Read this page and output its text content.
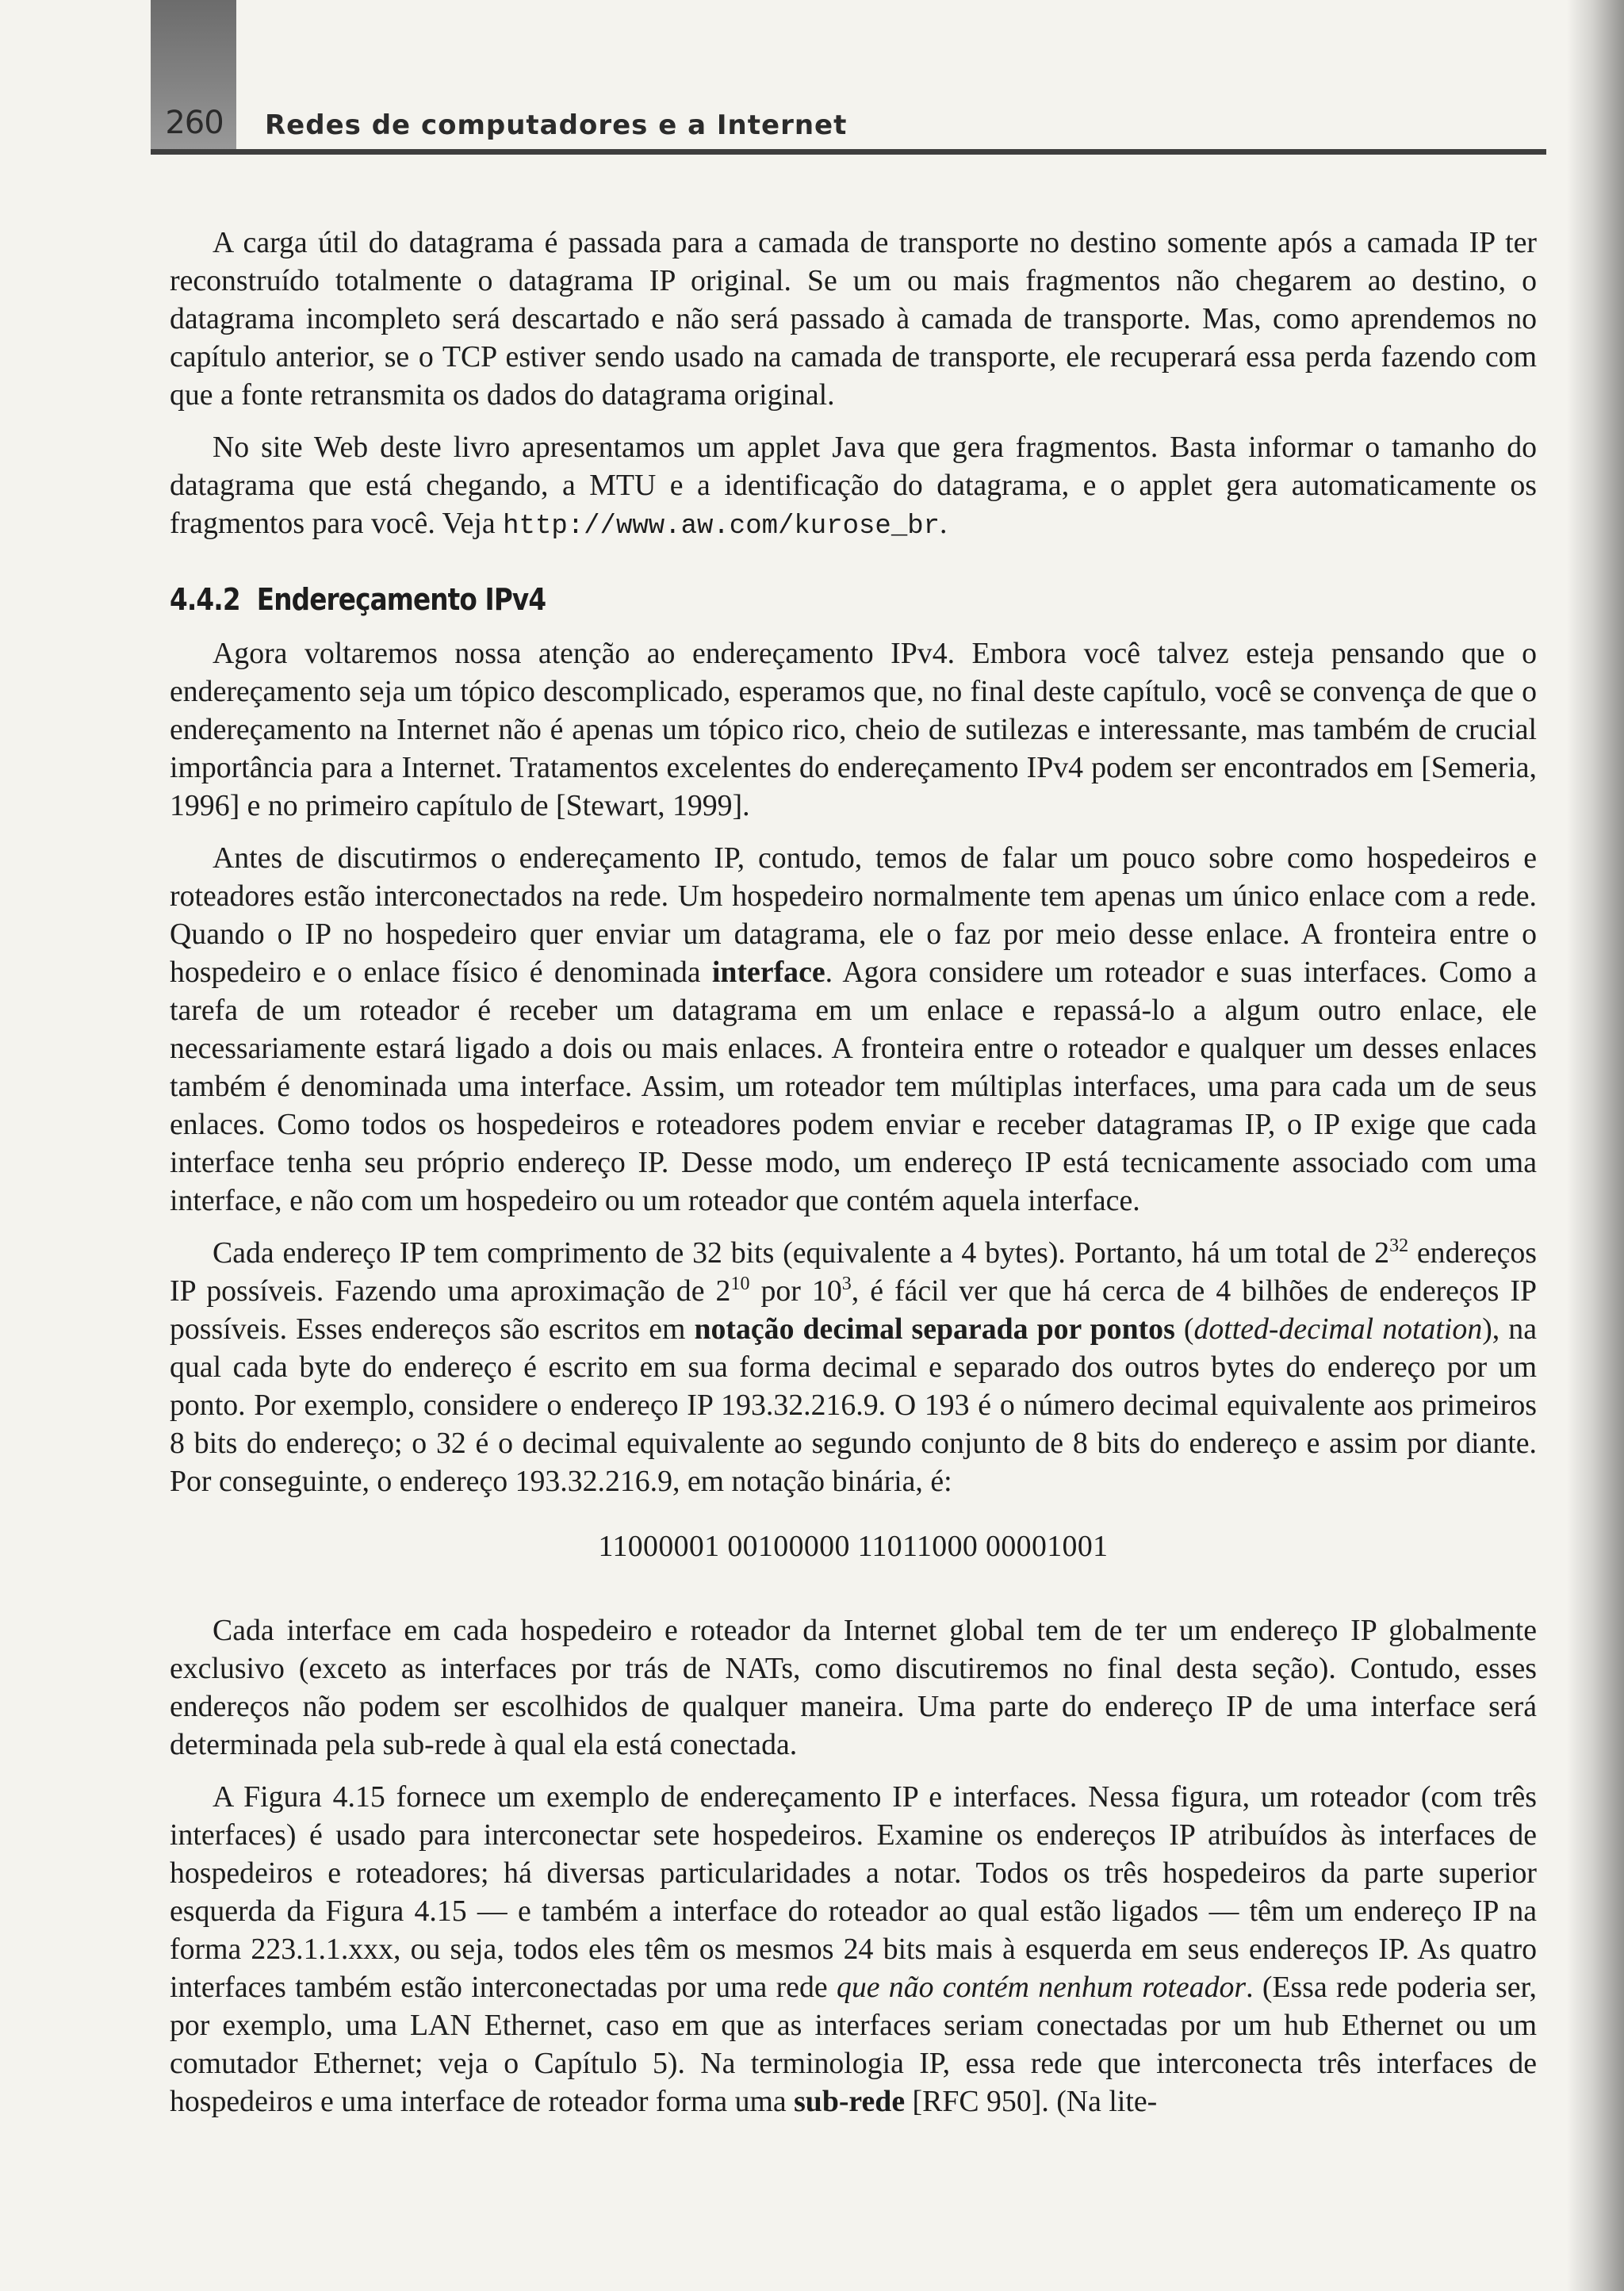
260 Redes de computadores e a Internet

A carga útil do datagrama é passada para a camada de transporte no destino somente após a camada IP ter reconstruído totalmente o datagrama IP original. Se um ou mais fragmentos não chegarem ao destino, o datagrama incompleto será descartado e não será passado à camada de transporte. Mas, como aprendemos no capítulo anterior, se o TCP estiver sendo usado na camada de transporte, ele recuperará essa perda fazendo com que a fonte retransmita os dados do datagrama original.

No site Web deste livro apresentamos um applet Java que gera fragmentos. Basta informar o tamanho do datagrama que está chegando, a MTU e a identificação do datagrama, e o applet gera automaticamente os fragmentos para você. Veja http://www.aw.com/kurose_br.

4.4.2 Endereçamento IPv4

Agora voltaremos nossa atenção ao endereçamento IPv4. Embora você talvez esteja pensando que o endereçamento seja um tópico descomplicado, esperamos que, no final deste capítulo, você se convença de que o endereçamento na Internet não é apenas um tópico rico, cheio de sutilezas e interessante, mas também de crucial importância para a Internet. Tratamentos excelentes do endereçamento IPv4 podem ser encontrados em [Semeria, 1996] e no primeiro capítulo de [Stewart, 1999].

Antes de discutirmos o endereçamento IP, contudo, temos de falar um pouco sobre como hospedeiros e roteadores estão interconectados na rede. Um hospedeiro normalmente tem apenas um único enlace com a rede. Quando o IP no hospedeiro quer enviar um datagrama, ele o faz por meio desse enlace. A fronteira entre o hospedeiro e o enlace físico é denominada interface. Agora considere um roteador e suas interfaces. Como a tarefa de um roteador é receber um datagrama em um enlace e repassá-lo a algum outro enlace, ele necessariamente estará ligado a dois ou mais enlaces. A fronteira entre o roteador e qualquer um desses enlaces também é denominada uma interface. Assim, um roteador tem múltiplas interfaces, uma para cada um de seus enlaces. Como todos os hospedeiros e roteadores podem enviar e receber datagramas IP, o IP exige que cada interface tenha seu próprio endereço IP. Desse modo, um endereço IP está tecnicamente associado com uma interface, e não com um hospedeiro ou um roteador que contém aquela interface.

Cada endereço IP tem comprimento de 32 bits (equivalente a 4 bytes). Portanto, há um total de $2^{32}$ endereços IP possíveis. Fazendo uma aproximação de $2^{10}$ por $10^3$, é fácil ver que há cerca de 4 bilhões de endereços IP possíveis. Esses endereços são escritos em notação decimal separada por pontos (dotted-decimal notation), na qual cada byte do endereço é escrito em sua forma decimal e separado dos outros bytes do endereço por um ponto. Por exemplo, considere o endereço IP 193.32.216.9. O 193 é o número decimal equivalente aos primeiros 8 bits do endereço; o 32 é o decimal equivalente ao segundo conjunto de 8 bits do endereço e assim por diante. Por conseguinte, o endereço 193.32.216.9, em notação binária, é:

11000001 00100000 11011000 00001001

Cada interface em cada hospedeiro e roteador da Internet global tem de ter um endereço IP globalmente exclusivo (exceto as interfaces por trás de NATs, como discutiremos no final desta seção). Contudo, esses endereços não podem ser escolhidos de qualquer maneira. Uma parte do endereço IP de uma interface será determinada pela sub-rede à qual ela está conectada.

A Figura 4.15 fornece um exemplo de endereçamento IP e interfaces. Nessa figura, um roteador (com três interfaces) é usado para interconectar sete hospedeiros. Examine os endereços IP atribuídos às interfaces de hospedeiros e roteadores; há diversas particularidades a notar. Todos os três hospedeiros da parte superior esquerda da Figura 4.15 — e também a interface do roteador ao qual estão ligados — têm um endereço IP na forma 223.1.1.xxx, ou seja, todos eles têm os mesmos 24 bits mais à esquerda em seus endereços IP. As quatro interfaces também estão interconectadas por uma rede que não contém nenhum roteador. (Essa rede poderia ser, por exemplo, uma LAN Ethernet, caso em que as interfaces seriam conectadas por um hub Ethernet ou um comutador Ethernet; veja o Capítulo 5). Na terminologia IP, essa rede que interconecta três interfaces de hospedeiros e uma interface de roteador forma uma sub-rede [RFC 950]. (Na lite-
